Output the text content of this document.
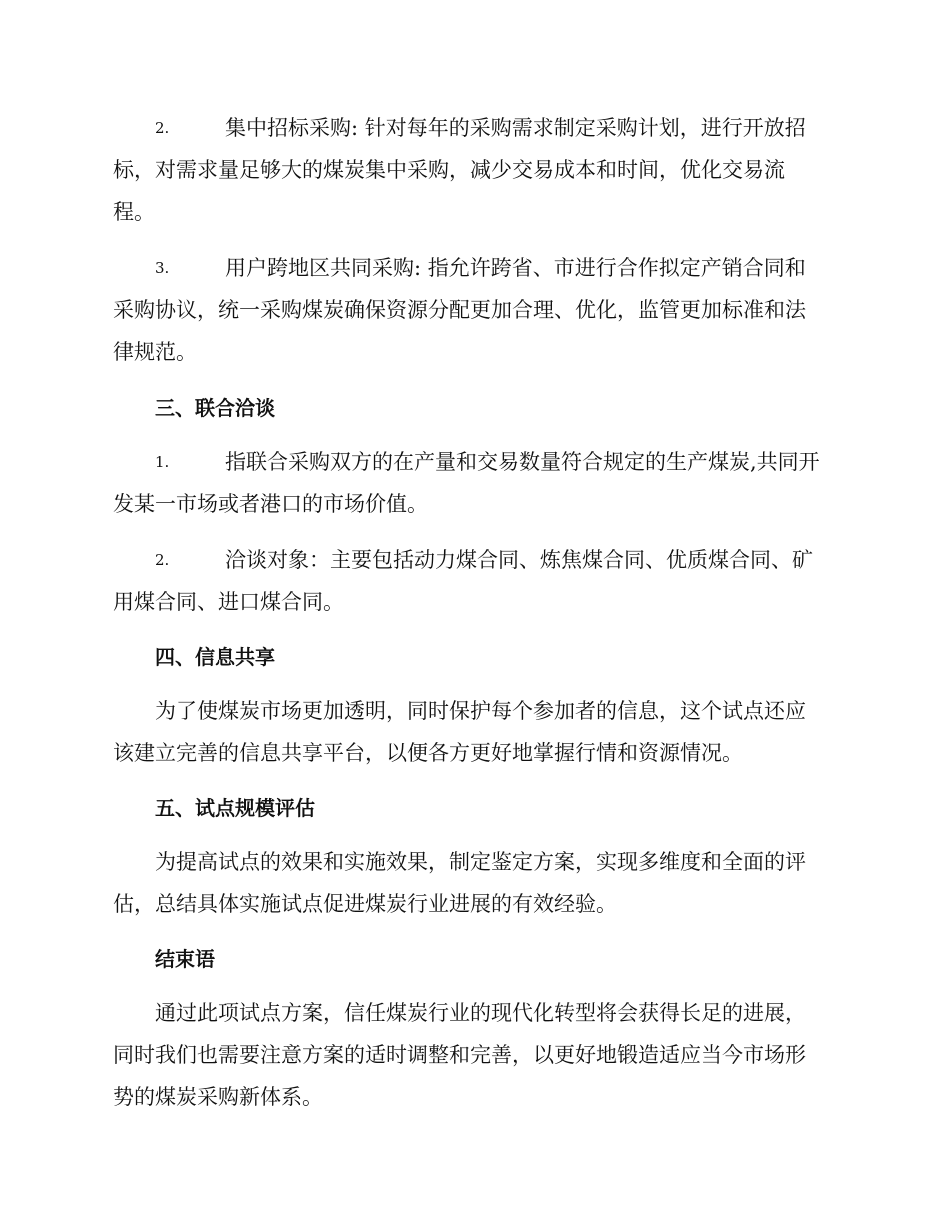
2.	集中招标采购: 针对每年的采购需求制定采购计划，进行开放招
标，对需求量足够大的煤炭集中采购，减少交易成本和时间，优化交易流
程。
3.	用户跨地区共同采购: 指允许跨省、市进行合作拟定产销合同和
采购协议，统一采购煤炭确保资源分配更加合理、优化，监管更加标准和法
律规范。
三、联合洽谈
1.	指联合采购双方的在产量和交易数量符合规定的生产煤炭,共同开
发某一市场或者港口的市场价值。
2.	洽谈对象：主要包括动力煤合同、炼焦煤合同、优质煤合同、矿
用煤合同、进口煤合同。
四、信息共享
为了使煤炭市场更加透明，同时保护每个参加者的信息，这个试点还应
该建立完善的信息共享平台，以便各方更好地掌握行情和资源情况。
五、试点规模评估
为提高试点的效果和实施效果，制定鉴定方案，实现多维度和全面的评
估，总结具体实施试点促进煤炭行业进展的有效经验。
结束语
通过此项试点方案，信任煤炭行业的现代化转型将会获得长足的进展，
同时我们也需要注意方案的适时调整和完善，以更好地锻造适应当今市场形
势的煤炭采购新体系。
